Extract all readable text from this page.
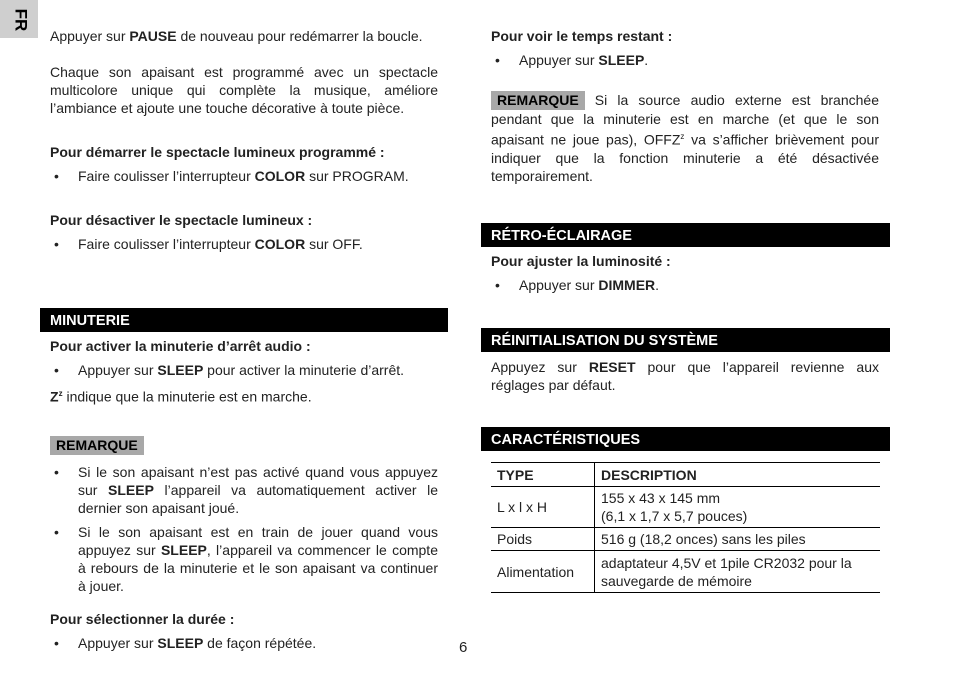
FR

Appuyer sur PAUSE de nouveau pour redémarrer la boucle.

Chaque son apaisant est programmé avec un spectacle multicolore unique qui complète la musique, améliore l’ambiance et ajoute une touche décorative à toute pièce.

Pour démarrer le spectacle lumineux programmé :

• Faire coulisser l’interrupteur COLOR sur PROGRAM.

Pour désactiver le spectacle lumineux :

• Faire coulisser l’interrupteur COLOR sur OFF.

MINUTERIE

Pour activer la minuterie d’arrêt audio :

• Appuyer sur SLEEP pour activer la minuterie d’arrêt.

$Z^z$ indique que la minuterie est en marche.

REMARQUE

• Si le son apaisant n’est pas activé quand vous appuyez sur SLEEP l’appareil va automatiquement activer le dernier son apaisant joué.

• Si le son apaisant est en train de jouer quand vous appuyez sur SLEEP, l’appareil va commencer le compte à rebours de la minuterie et le son apaisant va continuer à jouer.

Pour sélectionner la durée :

• Appuyer sur SLEEP de façon répétée.

Pour voir le temps restant :

• Appuyer sur SLEEP.

REMARQUE Si la source audio externe est branchée pendant que la minuterie est en marche (et que le son apaisant ne joue pas), OFFZ$^z$ va s’afficher brièvement pour indiquer que la fonction minuterie a été désactivée temporairement.

RÉTRO-ÉCLAIRAGE

Pour ajuster la luminosité :

• Appuyer sur DIMMER.

RÉINITIALISATION DU SYSTÈME

Appuyez sur RESET pour que l’appareil revienne aux réglages par défaut.

CARACTÉRISTIQUES
TYPE	DESCRIPTION
L x l x H	155 x 43 x 145 mm
(6,1 x 1,7 x 5,7 pouces)
Poids	516 g (18,2 onces) sans les piles
Alimentation	adaptateur 4,5V et 1pile CR2032 pour la
sauvegarde de mémoire
6
